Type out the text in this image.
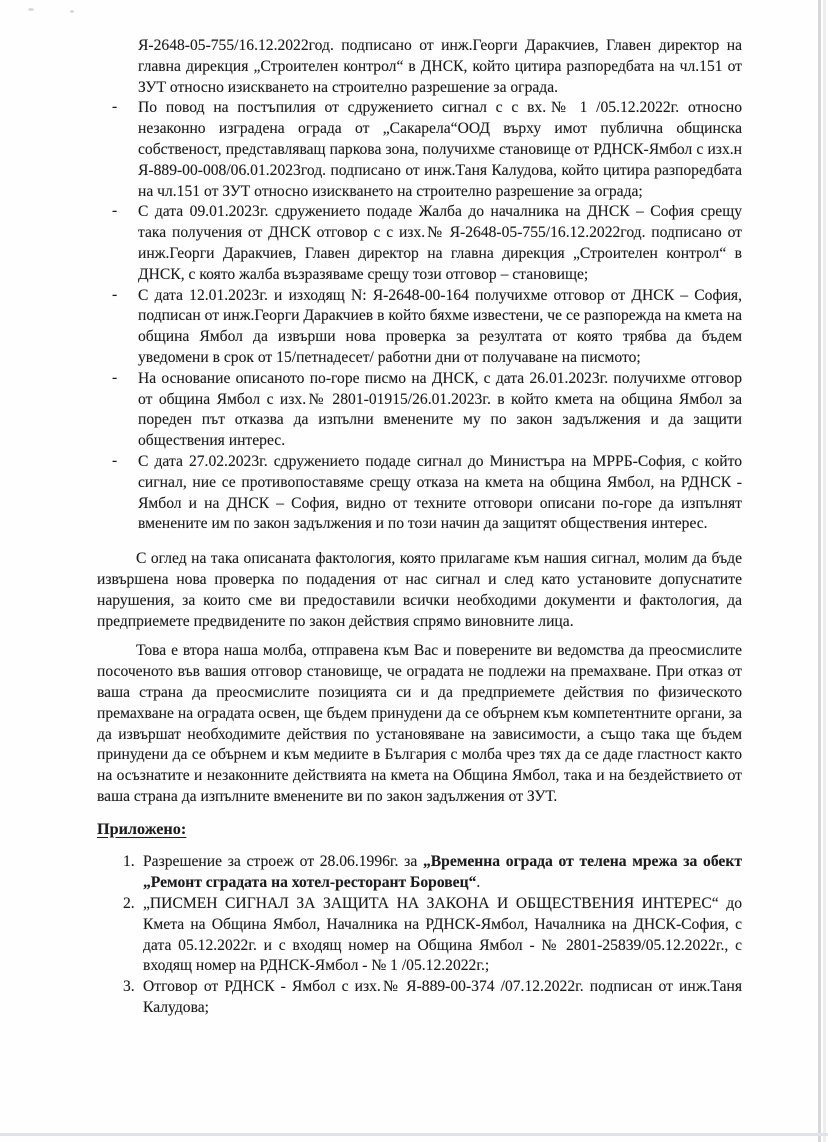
Я-2648-05-755/16.12.2022год. подписано от инж.Георги Даракчиев, Главен директор на главна дирекция „Строителен контрол“ в ДНСК, който цитира разпоредбата на чл.151 от ЗУТ относно изискването на строително разрешение за ограда.
- По повод на постъпилия от сдружението сигнал с с вх.№ 1 /05.12.2022г. относно незаконно изградена ограда от „Сакарела“ООД върху имот публична общинска собственост, представляващ паркова зона, получихме становище от РДНСК-Ямбол с изх.н Я-889-00-008/06.01.2023год. подписано от инж.Таня Калудова, който цитира разпоредбата на чл.151 от ЗУТ относно изискването на строително разрешение за ограда;
- С дата 09.01.2023г. сдружението подаде Жалба до началника на ДНСК – София срещу така получения от ДНСК отговор с с изх.№ Я-2648-05-755/16.12.2022год. подписано от инж.Георги Даракчиев, Главен директор на главна дирекция „Строителен контрол“ в ДНСК, с която жалба възразяваме срещу този отговор – становище;
- С дата 12.01.2023г. и изходящ N: Я-2648-00-164 получихме отговор от ДНСК – София, подписан от инж.Георги Даракчиев в който бяхме известени, че се разпорежда на кмета на община Ямбол да извърши нова проверка за резултата от която трябва да бъдем уведомени в срок от 15/петнадесет/ работни дни от получаване на писмото;
- На основание описаното по-горе писмо на ДНСК, с дата 26.01.2023г. получихме отговор от община Ямбол с изх.№ 2801-01915/26.01.2023г. в който кмета на община Ямбол за пореден път отказва да изпълни вменените му по закон задължения и да защити обществения интерес.
- С дата 27.02.2023г. сдружението подаде сигнал до Министъра на МРРБ-София, с който сигнал, ние се противопоставяме срещу отказа на кмета на община Ямбол, на РДНСК - Ямбол и на ДНСК – София, видно от техните отговори описани по-горе да изпълнят вменените им по закон задължения и по този начин да защитят обществения интерес.

С оглед на така описаната фактология, която прилагаме към нашия сигнал, молим да бъде извършена нова проверка по подадения от нас сигнал и след като установите допуснатите нарушения, за които сме ви предоставили всички необходими документи и фактология, да предприемете предвидените по закон действия спрямо виновните лица.

Това е втора наша молба, отправена към Вас и поверените ви ведомства да преосмислите посоченото във вашия отговор становище, че оградата не подлежи на премахване. При отказ от ваша страна да преосмислите позицията си и да предприемете действия по физическото премахване на оградата освен, ще бъдем принудени да се обърнем към компетентните органи, за да извършат необходимите действия по установяване на зависимости, а също така ще бъдем принудени да се обърнем и към медиите в България с молба чрез тях да се даде гластност както на осъзнатите и незаконните действията на кмета на Община Ямбол, така и на бездействието от ваша страна да изпълните вменените ви по закон задължения от ЗУТ.

Приложено:
1. Разрешение за строеж от 28.06.1996г. за „Временна ограда от телена мрежа за обект „Ремонт сградата на хотел-ресторант Боровец“.
2. „ПИСМЕН СИГНАЛ ЗА ЗАЩИТА НА ЗАКОНА И ОБЩЕСТВЕНИЯ ИНТЕРЕС“ до Кмета на Община Ямбол, Началника на РДНСК-Ямбол, Началника на ДНСК-София, с дата 05.12.2022г. и с входящ номер на Община Ямбол - № 2801-25839/05.12.2022г., с входящ номер на РДНСК-Ямбол - № 1 /05.12.2022г.;
3. Отговор от РДНСК - Ямбол с изх.№ Я-889-00-374 /07.12.2022г. подписан от инж.Таня Калудова;
